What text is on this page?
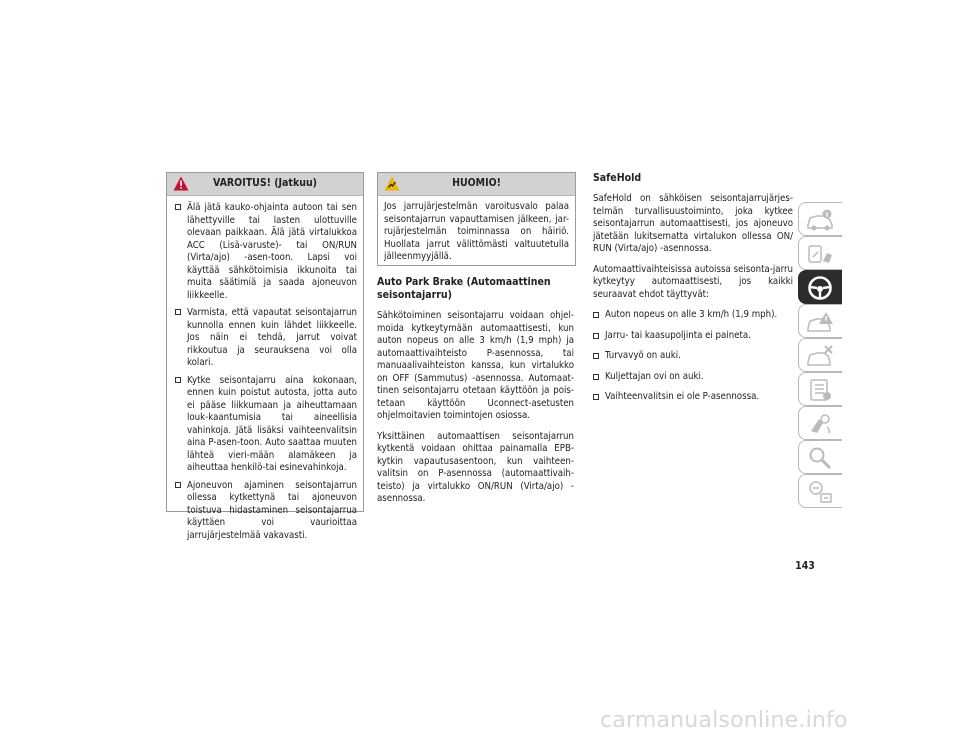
VAROITUS! (Jatkuu)
Älä jätä kauko-ohjainta autoon tai sen lähettyville tai lasten ulottuville olevaan paikkaan. Älä jätä virtalukkoa ACC (Lisä-varuste)- tai ON/RUN (Virta/ajo) -asen-toon. Lapsi voi käyttää sähkötoimisia ikkunoita tai muita säätimiä ja saada ajoneuvon liikkeelle.
Varmista, että vapautat seisontajarrun kunnolla ennen kuin lähdet liikkeelle. Jos näin ei tehdä, jarrut voivat rikkoutua ja seurauksena voi olla kolari.
Kytke seisontajarru aina kokonaan, ennen kuin poistut autosta, jotta auto ei pääse liikkumaan ja aiheuttamaan louk-kaantumisia tai aineellisia vahinkoja. Jätä lisäksi vaihteenvalitsin aina P-asen-toon. Auto saattaa muuten lähteä vieri-mään alamäkeen ja aiheuttaa henkilö-tai esinevahinkoja.
Ajoneuvon ajaminen seisontajarrun ollessa kytkettynä tai ajoneuvon toistuva hidastaminen seisontajarrua käyttäen voi vaurioittaa jarrujärjestelmää vakavasti.
HUOMIO!
Jos jarrujärjestelmän varoitusvalo palaa seisontajarrun vapauttamisen jälkeen, jar-rujärjestelmän toiminnassa on häiriö. Huollata jarrut välittömästi valtuutetulla jälleenmyyjällä.
Auto Park Brake (Automaattinen seisontajarru)

Sähkötoiminen seisontajarru voidaan ohjel-moida kytkeytymään automaattisesti, kun auton nopeus on alle 3 km/h (1,9 mph) ja automaattivaihteisto P-asennossa, tai manuaalivaihteiston kanssa, kun virtalukko on OFF (Sammutus) -asennossa. Automaat-tinen seisontajarru otetaan käyttöön ja pois-tetaan käyttöön Uconnect-asetusten ohjelmoitavien toimintojen osiossa.

Yksittäinen automaattisen seisontajarrun kytkentä voidaan ohittaa painamalla EPB-kytkin vapautusasentoon, kun vaihteen-valitsin on P-asennossa (automaattivaih-teisto) ja virtalukko ON/RUN (Virta/ajo) -asennossa.

SafeHold

SafeHold on sähköisen seisontajarrujärjes-telmän turvallisuustoiminto, joka kytkee seisontajarrun automaattisesti, jos ajoneuvo jätetään lukitsematta virtalukon ollessa ON/ RUN (Virta/ajo) -asennossa.

Automaattivaihteisissa autoissa seisonta-jarru kytkeytyy automaattisesti, jos kaikki seuraavat ehdot täyttyvät:

Auton nopeus on alle 3 km/h (1,9 mph).
Jarru- tai kaasupoljinta ei paineta.
Turvavyö on auki.
Kuljettajan ovi on auki.
Vaihteenvalitsin ei ole P-asennossa.
143
carmanualsonline.info
